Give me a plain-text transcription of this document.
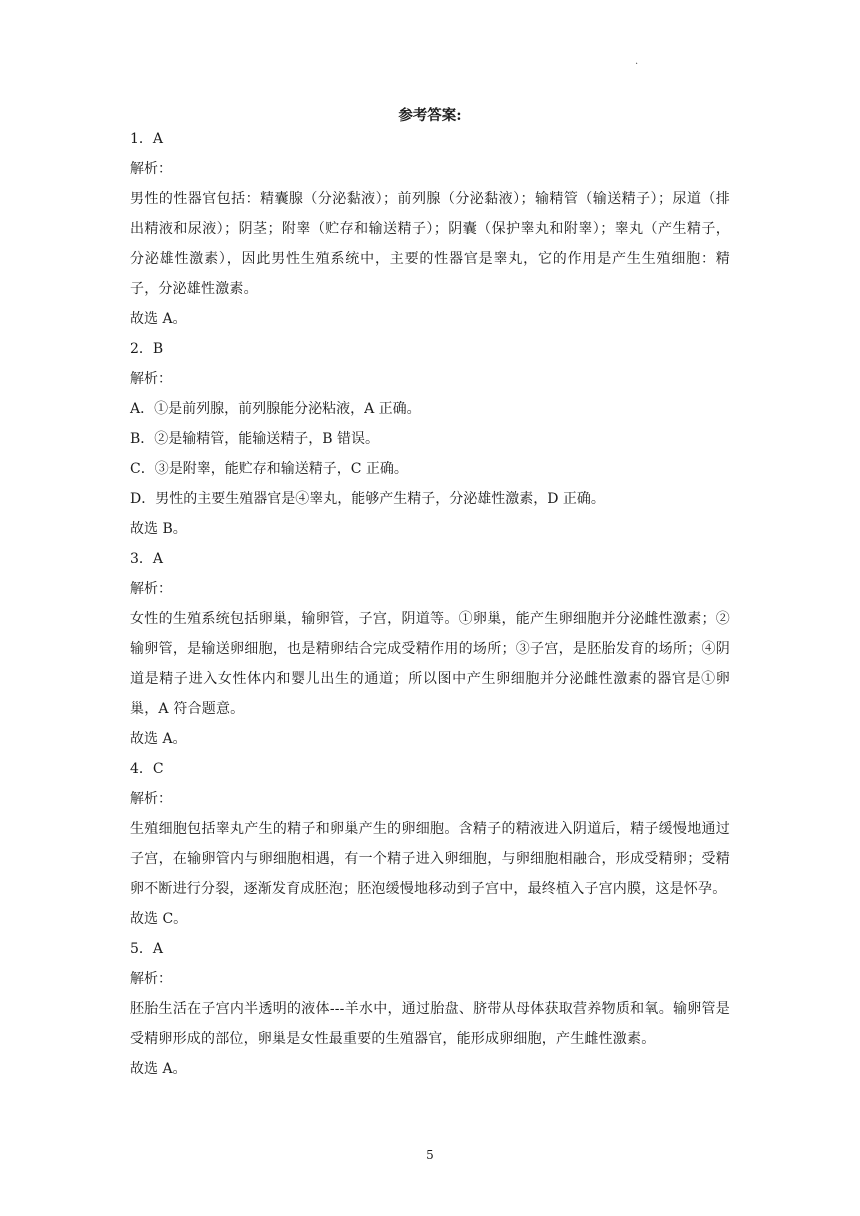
.
参考答案:

1．A

解析：

男性的性器官包括：精囊腺（分泌黏液）；前列腺（分泌黏液）；输精管（输送精子）；尿道（排出精液和尿液）；阴茎；附睾（贮存和输送精子）；阴囊（保护睾丸和附睾）；睾丸（产生精子，分泌雄性激素），因此男性生殖系统中，主要的性器官是睾丸，它的作用是产生生殖细胞：精子，分泌雄性激素。

故选 A。

2．B

解析：

A．①是前列腺，前列腺能分泌粘液，A 正确。

B．②是输精管，能输送精子，B 错误。

C．③是附睾，能贮存和输送精子，C 正确。

D．男性的主要生殖器官是④睾丸，能够产生精子，分泌雄性激素，D 正确。

故选 B。

3．A

解析：

女性的生殖系统包括卵巢，输卵管，子宫，阴道等。①卵巢，能产生卵细胞并分泌雌性激素；②输卵管，是输送卵细胞，也是精卵结合完成受精作用的场所；③子宫，是胚胎发育的场所；④阴道是精子进入女性体内和婴儿出生的通道；所以图中产生卵细胞并分泌雌性激素的器官是①卵巢，A 符合题意。

故选 A。

4．C

解析：

生殖细胞包括睾丸产生的精子和卵巢产生的卵细胞。含精子的精液进入阴道后，精子缓慢地通过子宫，在输卵管内与卵细胞相遇，有一个精子进入卵细胞，与卵细胞相融合，形成受精卵；受精卵不断进行分裂，逐渐发育成胚泡；胚泡缓慢地移动到子宫中，最终植入子宫内膜，这是怀孕。

故选 C。

5．A

解析：

胚胎生活在子宫内半透明的液体---羊水中，通过胎盘、脐带从母体获取营养物质和氧。输卵管是受精卵形成的部位，卵巢是女性最重要的生殖器官，能形成卵细胞，产生雌性激素。

故选 A。

5
